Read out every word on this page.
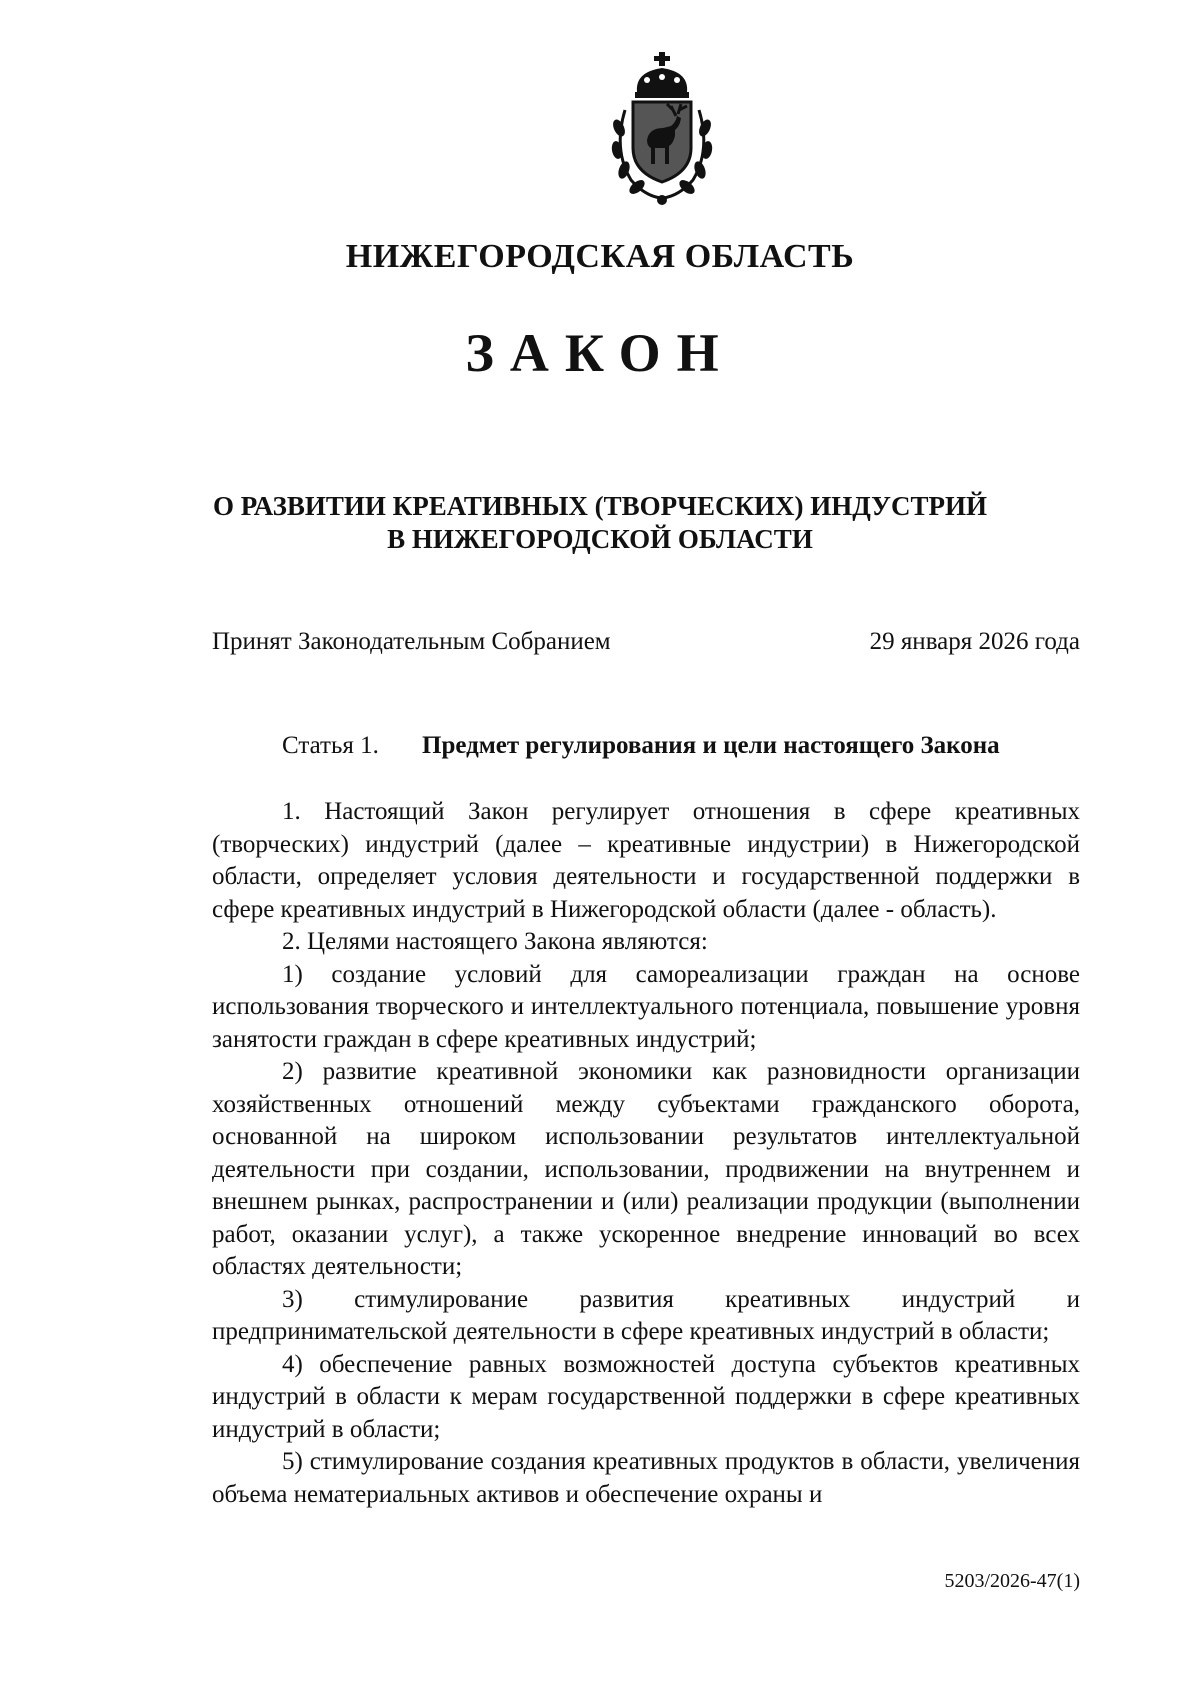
НИЖЕГОРОДСКАЯ ОБЛАСТЬ
ЗАКОН
О РАЗВИТИИ КРЕАТИВНЫХ (ТВОРЧЕСКИХ) ИНДУСТРИЙ
В НИЖЕГОРОДСКОЙ ОБЛАСТИ
Принят Законодательным Собранием	29 января 2026 года
Статья 1. Предмет регулирования и цели настоящего Закона

1. Настоящий Закон регулирует отношения в сфере креативных (творческих) индустрий (далее – креативные индустрии) в Нижегородской области, определяет условия деятельности и государственной поддержки в сфере креативных индустрий в Нижегородской области (далее - область).

2. Целями настоящего Закона являются:

1) создание условий для самореализации граждан на основе использования творческого и интеллектуального потенциала, повышение уровня занятости граждан в сфере креативных индустрий;

2) развитие креативной экономики как разновидности организации хозяйственных отношений между субъектами гражданского оборота, основанной на широком использовании результатов интеллектуальной деятельности при создании, использовании, продвижении на внутреннем и внешнем рынках, распространении и (или) реализации продукции (выполнении работ, оказании услуг), а также ускоренное внедрение инноваций во всех областях деятельности;

3) стимулирование развития креативных индустрий и предпринимательской деятельности в сфере креативных индустрий в области;

4) обеспечение равных возможностей доступа субъектов креативных индустрий в области к мерам государственной поддержки в сфере креативных индустрий в области;

5) стимулирование создания креативных продуктов в области, увеличения объема нематериальных активов и обеспечение охраны и

5203/2026-47(1)
